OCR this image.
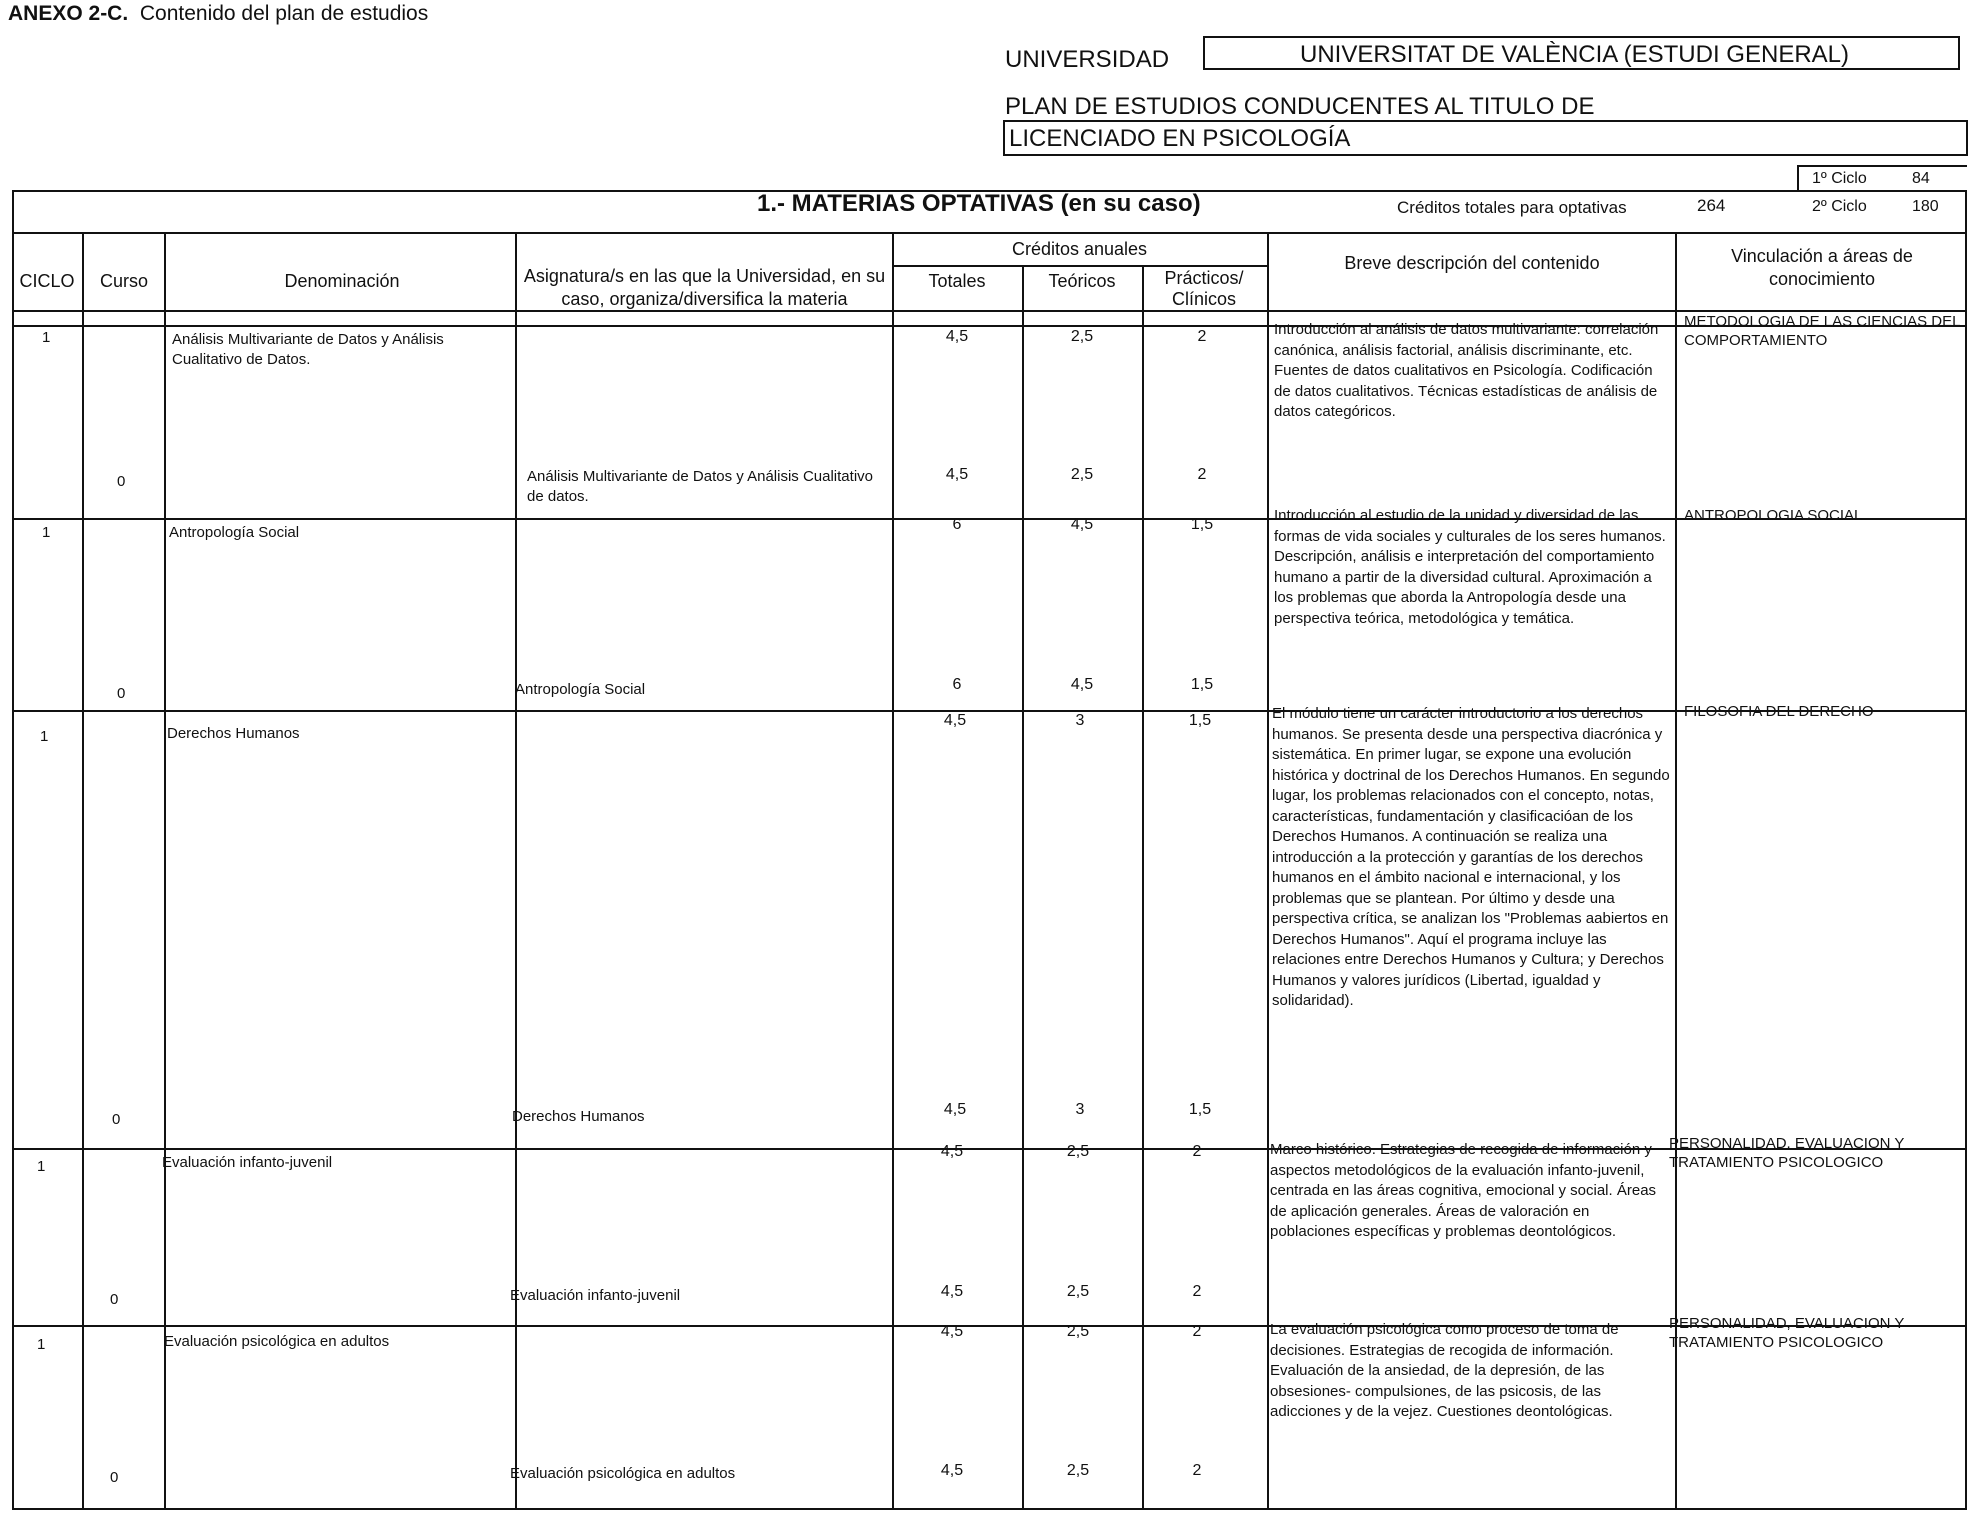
ANEXO 2-C. Contenido del plan de estudios
UNIVERSIDAD	UNIVERSITAT DE VALÈNCIA (ESTUDI GENERAL)
PLAN DE ESTUDIOS CONDUCENTES AL TITULO DE
LICENCIADO EN PSICOLOGÍA
1.- MATERIAS OPTATIVAS (en su caso)	Créditos totales para optativas	264
1º Ciclo	84
2º Ciclo	180
CICLO	Curso	Denominación	Asignatura/s en las que la Universidad, en su caso, organiza/diversifica la materia
Créditos anuales
Totales	Teóricos	Prácticos/ Clínicos
Breve descripción del contenido	Vinculación a áreas de conocimiento
1	Análisis Multivariante de Datos y Análisis Cualitativo de Datos.
4,5	2,5	2	Introducción al análisis de datos multivariante: correlación canónica, análisis factorial, análisis discriminante, etc. Fuentes de datos cualitativos en Psicología. Codificación de datos cualitativos. Técnicas estadísticas de análisis de datos categóricos.
METODOLOGIA DE LAS CIENCIAS DEL COMPORTAMIENTO
0	Análisis Multivariante de Datos y Análisis Cualitativo de datos.
4,5	2,5	2
1	Antropología Social	6	4,5	1,5
Introducción al estudio de la unidad y diversidad de las formas de vida sociales y culturales de los seres humanos. Descripción, análisis e interpretación del comportamiento humano a partir de la diversidad cultural. Aproximación a los problemas que aborda la Antropología desde una perspectiva teórica, metodológica y temática.
ANTROPOLOGIA SOCIAL
0	Antropología Social	6	4,5	1,5
1	Derechos Humanos
4,5	3	1,5	El módulo tiene un carácter introductorio a los derechos humanos. Se presenta desde una perspectiva diacrónica y sistemática. En primer lugar, se expone una evolución histórica y doctrinal de los Derechos Humanos. En segundo lugar, los problemas relacionados con el concepto, notas, características, fundamentación y clasificacióan de los Derechos Humanos. A continuación se realiza una introducción a la protección y garantías de los derechos humanos en el ámbito nacional e internacional, y los problemas que se plantean. Por último y desde una perspectiva crítica, se analizan los "Problemas aabiertos en Derechos Humanos". Aquí el programa incluye las relaciones entre Derechos Humanos y Cultura; y Derechos Humanos y valores jurídicos (Libertad, igualdad y solidaridad).
FILOSOFIA DEL DERECHO
0	Derechos Humanos	4,5	3	1,5
1	Evaluación infanto-juvenil
4,5	2,5	2	Marco histórico. Estrategias de recogida de información y aspectos metodológicos de la evaluación infanto-juvenil, centrada en las áreas cognitiva, emocional y social. Áreas de aplicación generales. Áreas de valoración en poblaciones específicas y problemas deontológicos.
PERSONALIDAD, EVALUACION Y TRATAMIENTO PSICOLOGICO
0	Evaluación infanto-juvenil	4,5	2,5	2
1	Evaluación psicológica en adultos
4,5	2,5	2	La evaluación psicológica como proceso de toma de decisiones. Estrategias de recogida de información. Evaluación de la ansiedad, de la depresión, de las obsesiones- compulsiones, de las psicosis, de las adicciones y de la vejez. Cuestiones deontológicas.
PERSONALIDAD, EVALUACION Y TRATAMIENTO PSICOLOGICO
0	Evaluación psicológica en adultos	4,5	2,5	2
